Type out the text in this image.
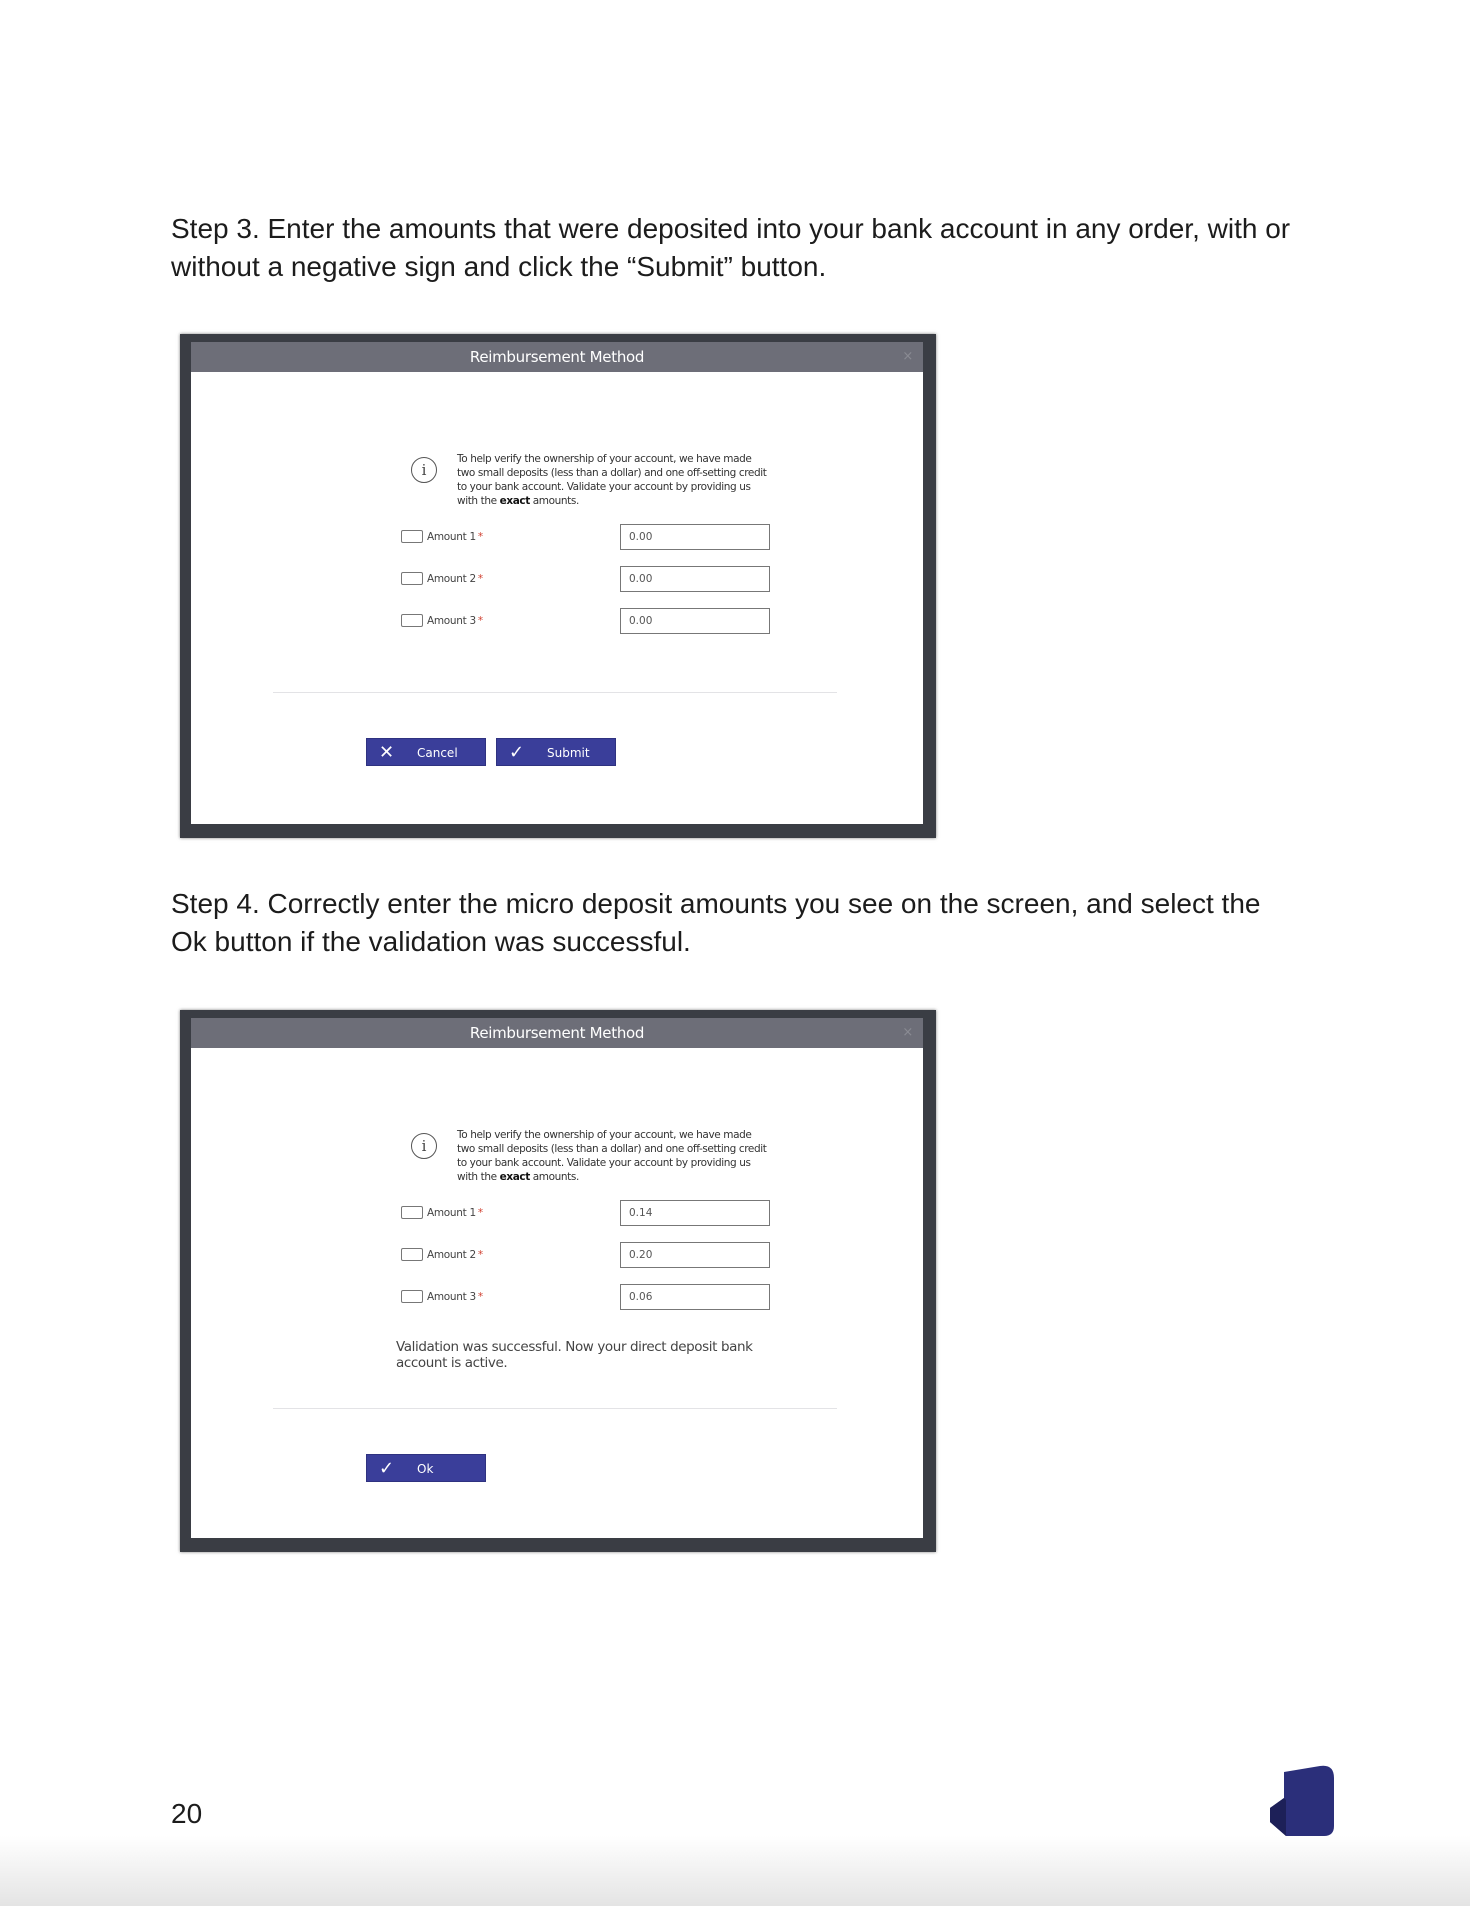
Step 3. Enter the amounts that were deposited into your bank account in any order, with or without a negative sign and click the “Submit” button.
Reimbursement Method	×
i
To help verify the ownership of your account, we have made two small deposits (less than a dollar) and one off-setting credit to your bank account. Validate your account by providing us with the exact amounts.
Amount 1 *	0.00
Amount 2 *	0.00
Amount 3 *	0.00
✕ Cancel	✓ Submit
Step 4. Correctly enter the micro deposit amounts you see on the screen, and select the Ok button if the validation was successful.
Reimbursement Method	×
i
To help verify the ownership of your account, we have made two small deposits (less than a dollar) and one off-setting credit to your bank account. Validate your account by providing us with the exact amounts.
Amount 1 *	0.14
Amount 2 *	0.20
Amount 3 *	0.06
Validation was successful. Now your direct deposit bank account is active.
✓ Ok
20
